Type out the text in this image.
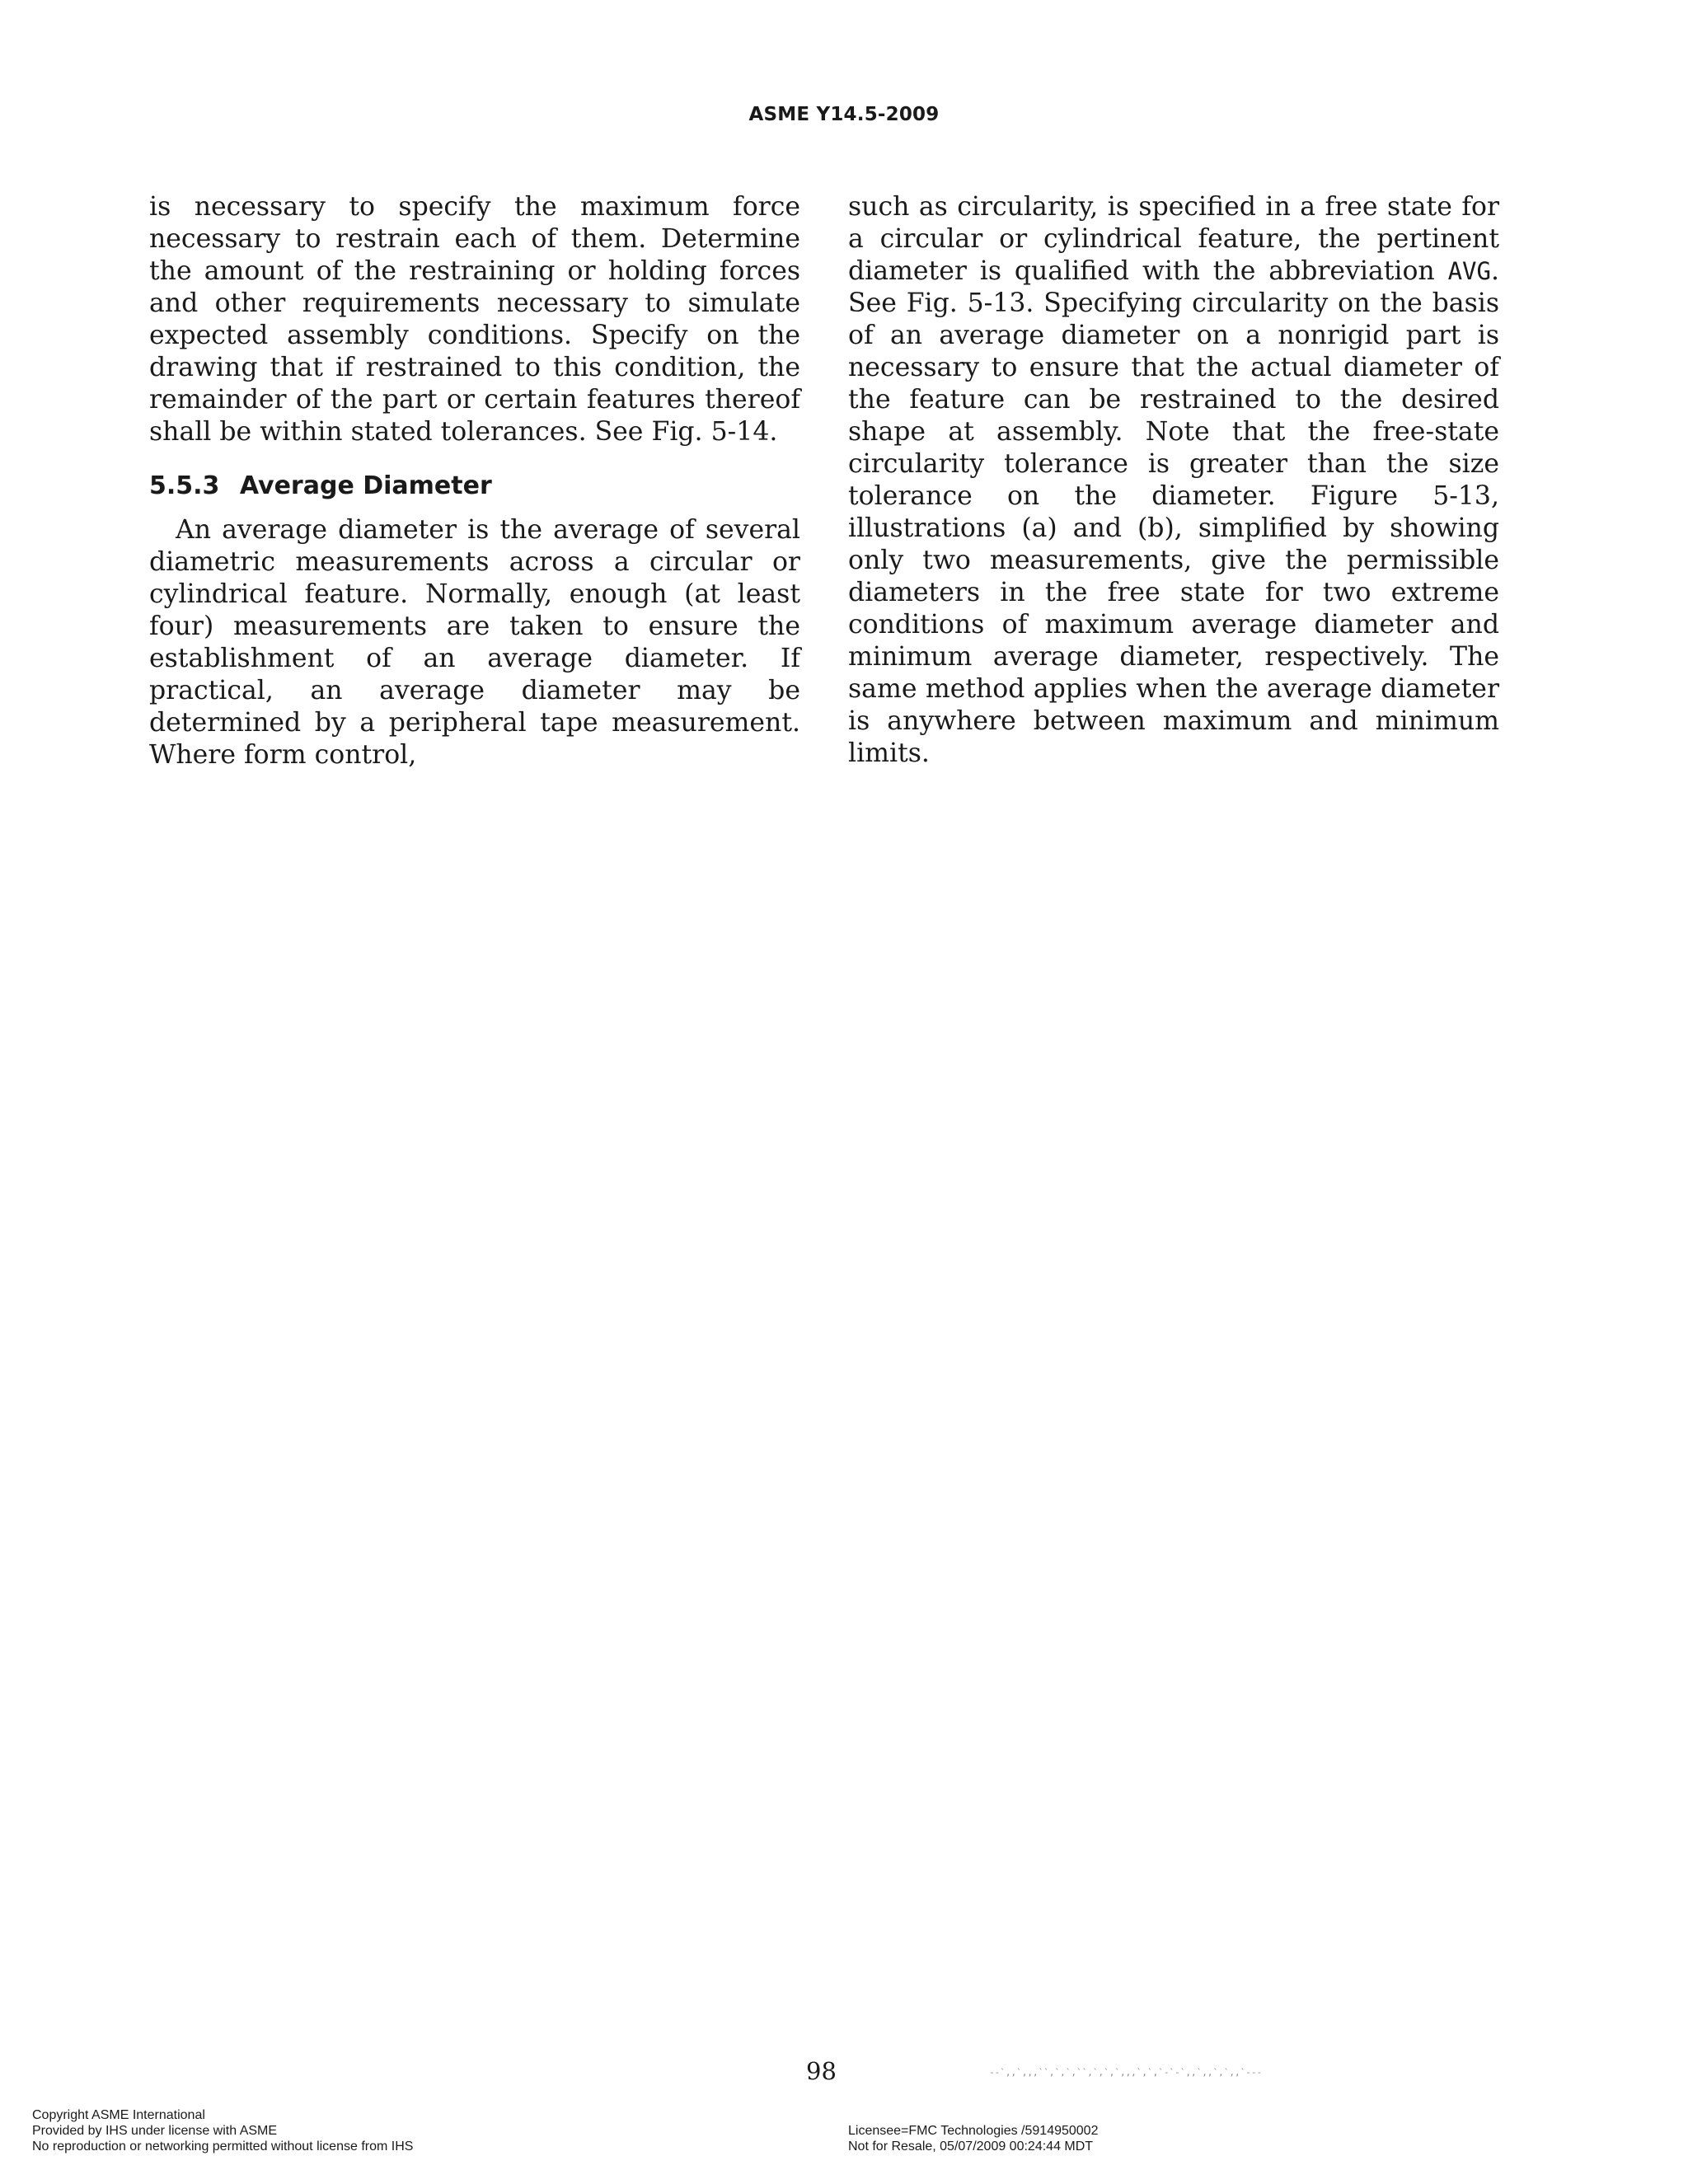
ASME Y14.5-2009

is necessary to specify the maximum force necessary to restrain each of them. Determine the amount of the restraining or holding forces and other requirements necessary to simulate expected assembly conditions. Specify on the drawing that if restrained to this condition, the remainder of the part or certain features thereof shall be within stated tolerances. See Fig. 5-14.

5.5.3 Average Diameter

An average diameter is the average of several diametric measurements across a circular or cylindrical feature. Normally, enough (at least four) measurements are taken to ensure the establishment of an average diameter. If practical, an average diameter may be determined by a peripheral tape measurement. Where form control,

such as circularity, is specified in a free state for a circular or cylindrical feature, the pertinent diameter is qualified with the abbreviation AVG. See Fig. 5-13. Specifying circularity on the basis of an average diameter on a nonrigid part is necessary to ensure that the actual diameter of the feature can be restrained to the desired shape at assembly. Note that the free-state circularity tolerance is greater than the size tolerance on the diameter. Figure 5-13, illustrations (a) and (b), simplified by showing only two measurements, give the permissible diameters in the free state for two extreme conditions of maximum average diameter and minimum average diameter, respectively. The same method applies when the average diameter is anywhere between maximum and minimum limits.

98	--`,,`,,,``,`,`,``,`,`,`,,,`,`,`-`-`,,`,,`,`,,`---
Copyright ASME International
Provided by IHS under license with ASME
No reproduction or networking permitted without license from IHS
Licensee=FMC Technologies /5914950002
Not for Resale, 05/07/2009 00:24:44 MDT
